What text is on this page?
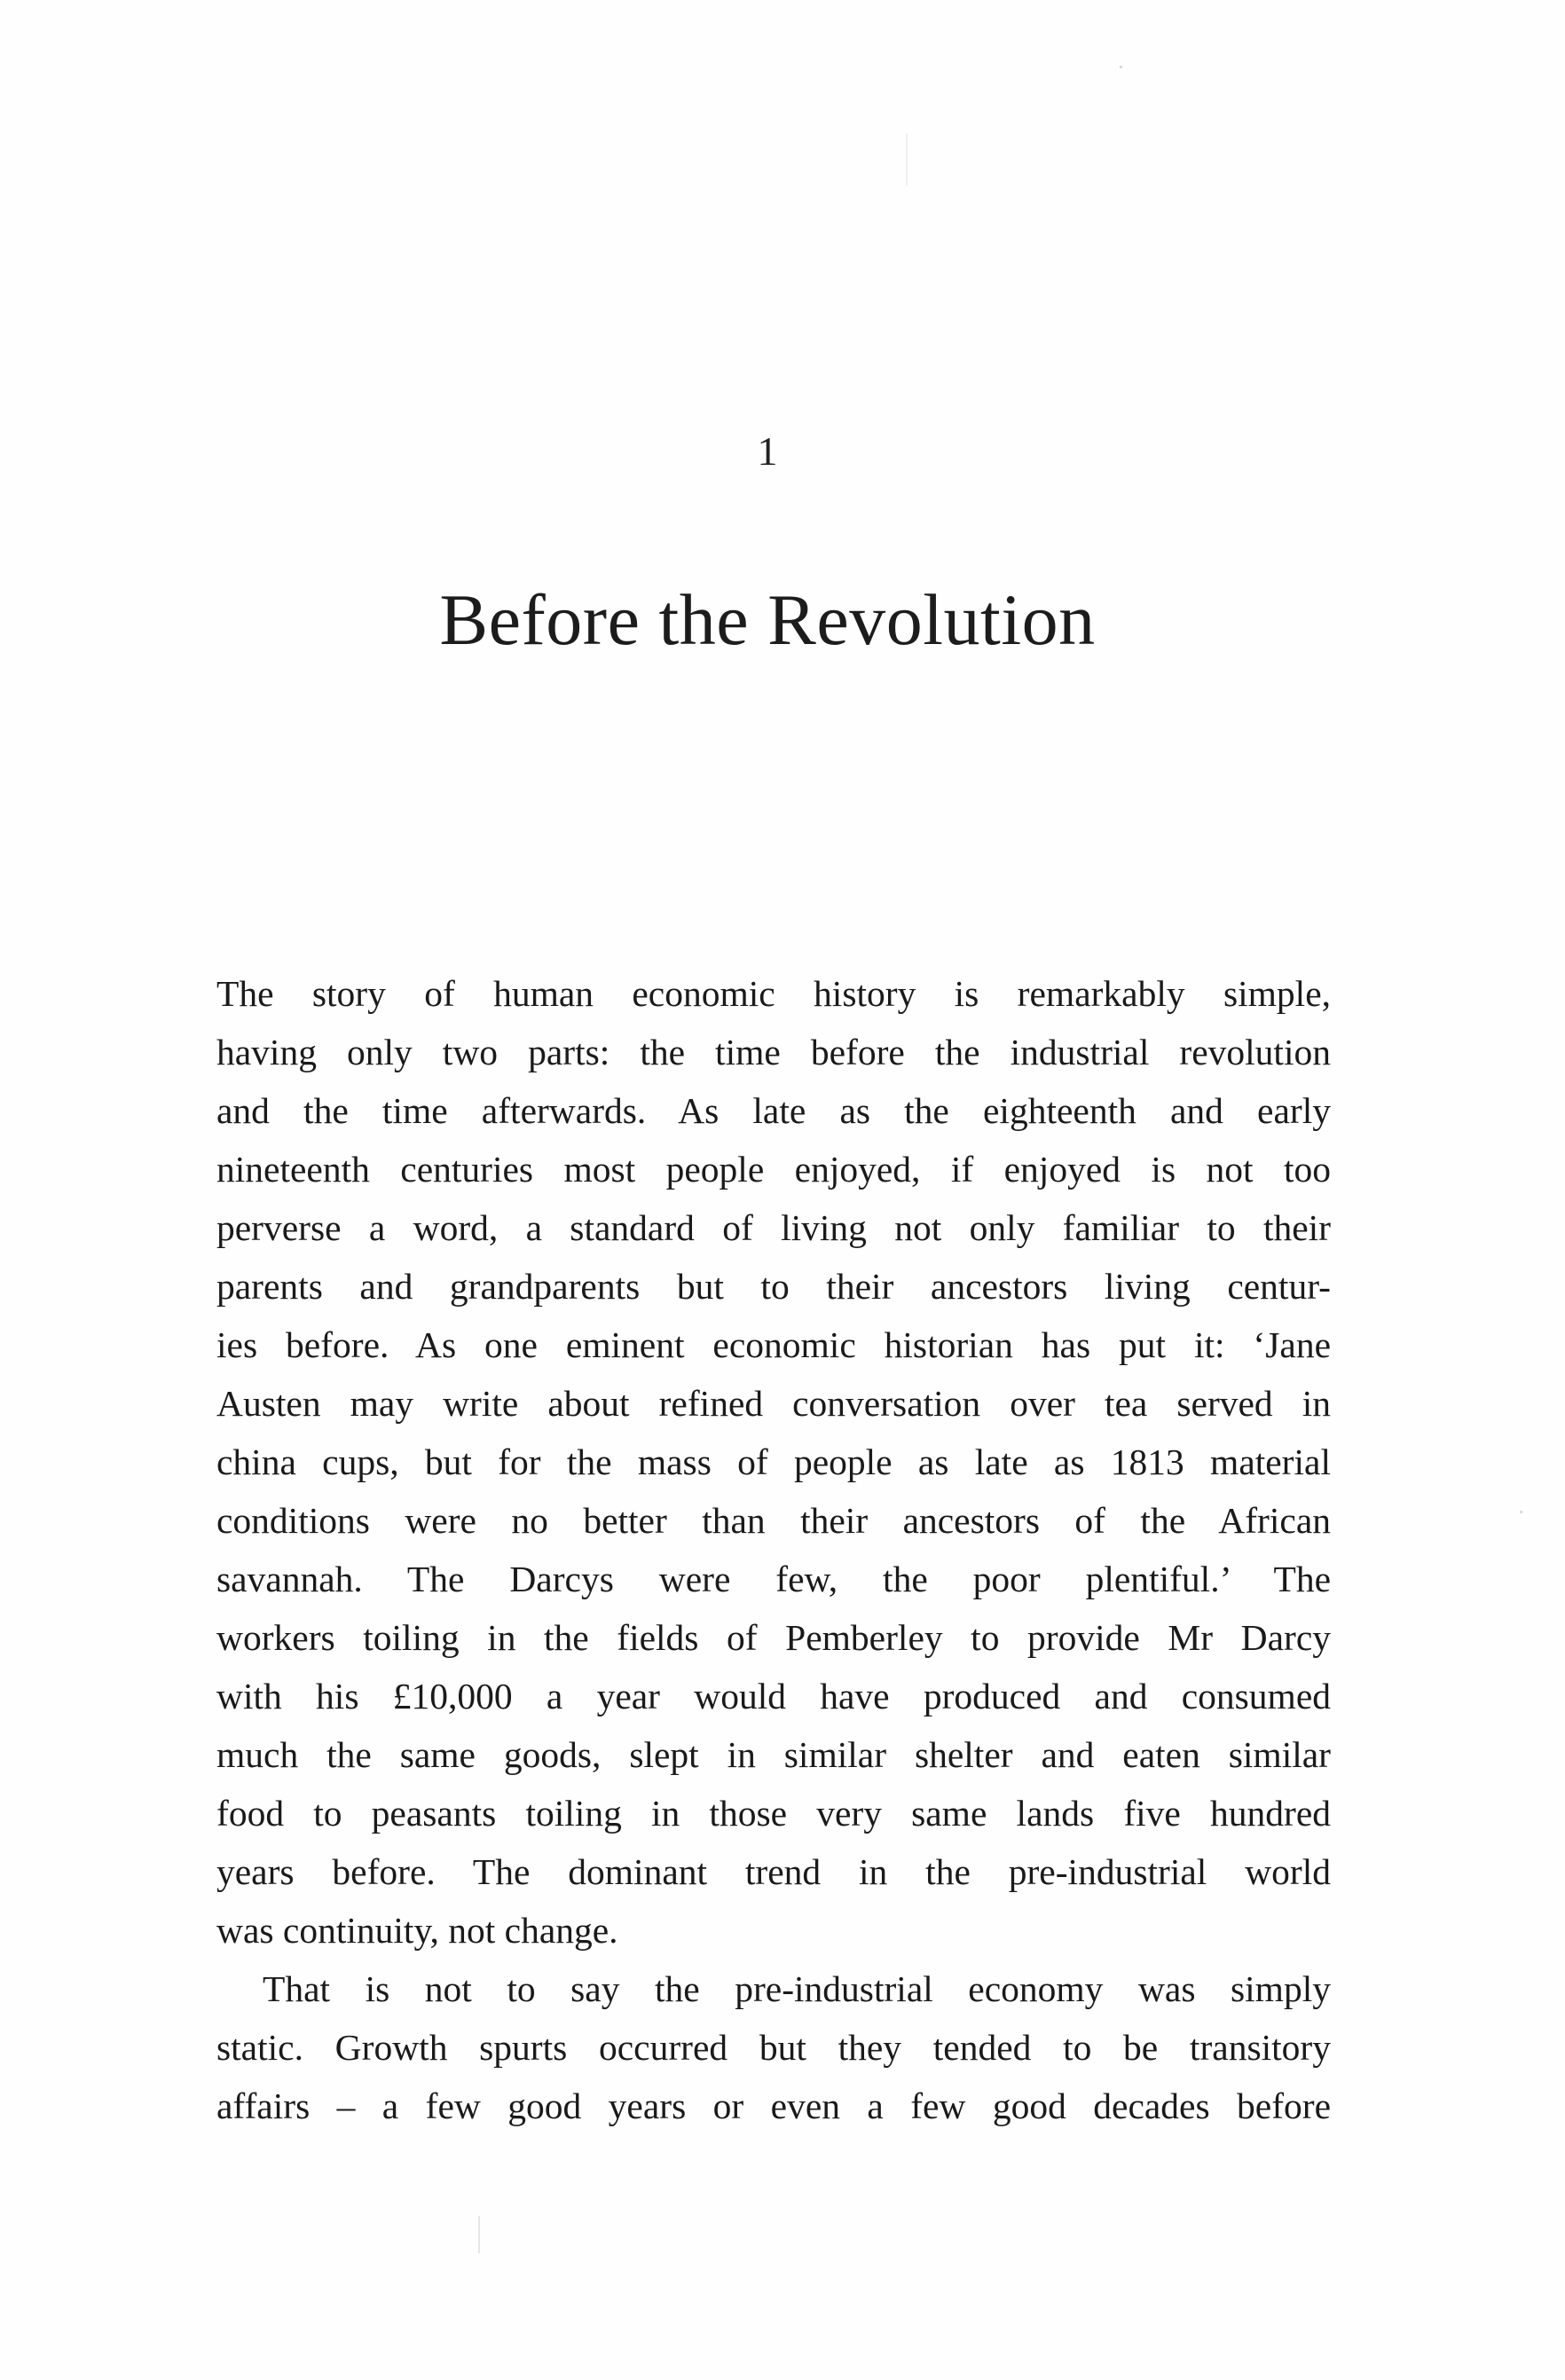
1
Before the Revolution
The story of human economic history is remarkably simple,
having only two parts: the time before the industrial revolution
and the time afterwards. As late as the eighteenth and early
nineteenth centuries most people enjoyed, if enjoyed is not too
perverse a word, a standard of living not only familiar to their
parents and grandparents but to their ancestors living centur-
ies before. As one eminent economic historian has put it: ‘Jane
Austen may write about refined conversation over tea served in
china cups, but for the mass of people as late as 1813 material
conditions were no better than their ancestors of the African
savannah. The Darcys were few, the poor plentiful.’ The
workers toiling in the fields of Pemberley to provide Mr Darcy
with his £10,000 a year would have produced and consumed
much the same goods, slept in similar shelter and eaten similar
food to peasants toiling in those very same lands five hundred
years before. The dominant trend in the pre-industrial world
was continuity, not change.
That is not to say the pre-industrial economy was simply
static. Growth spurts occurred but they tended to be transitory
affairs – a few good years or even a few good decades before
